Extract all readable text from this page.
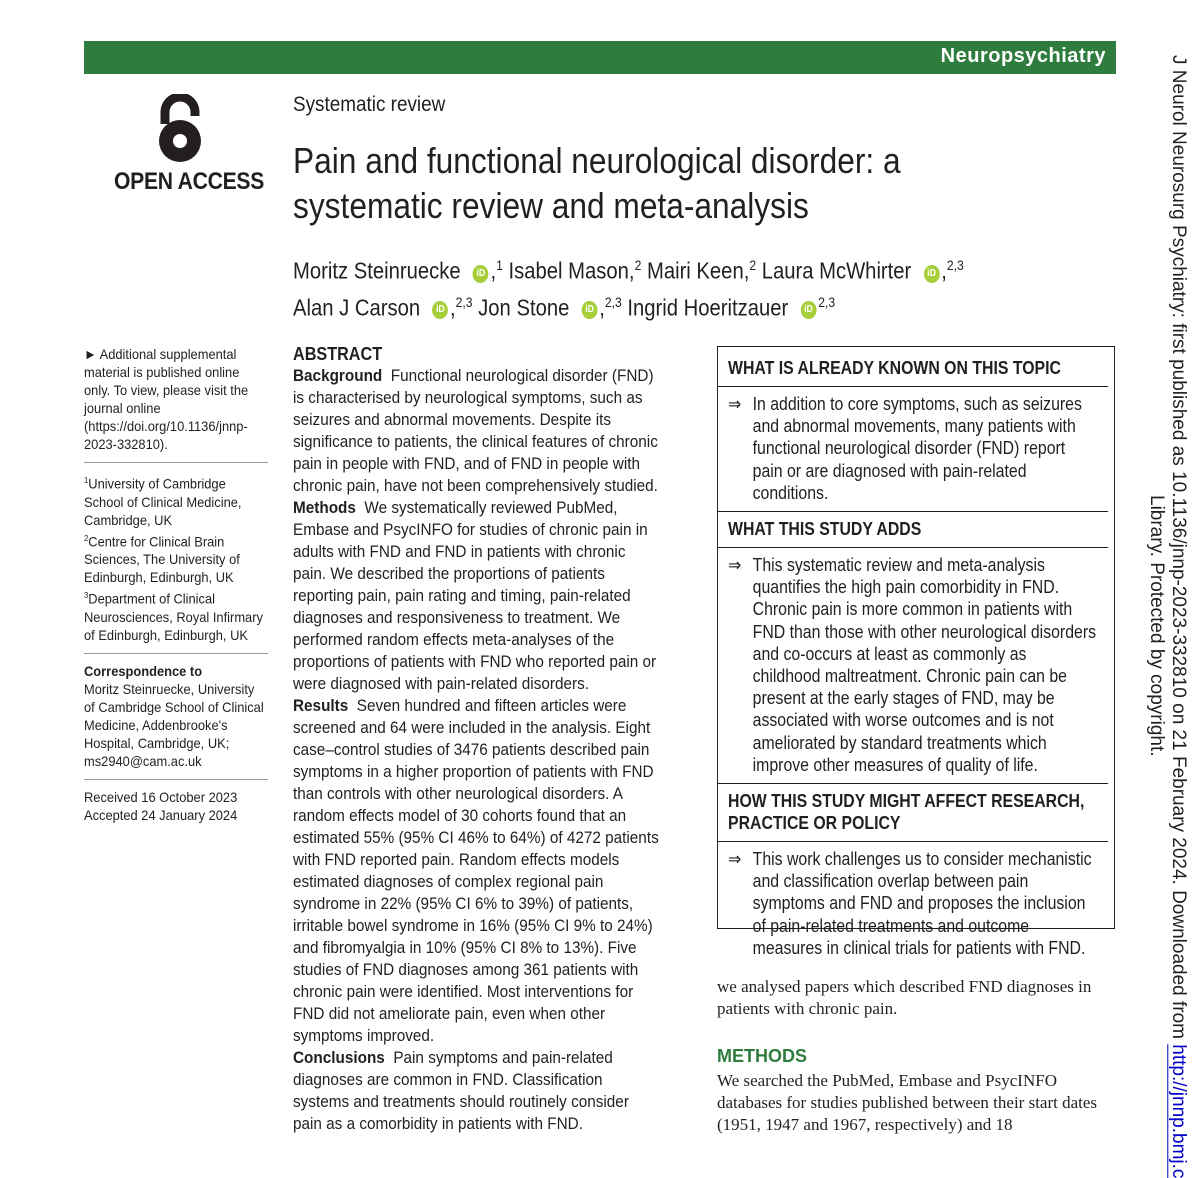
Neuropsychiatry
OPEN ACCESS
Systematic review
Pain and functional neurological disorder: a systematic review and meta-analysis
Moritz Steinruecke iD ,$^1$ Isabel Mason,$^2$ Mairi Keen,$^2$ Laura McWhirter iD ,$^{2,3}$
Alan J Carson iD ,$^{2,3}$ Jon Stone iD ,$^{2,3}$ Ingrid Hoeritzauer iD$^{2,3}$

► Additional supplemental material is published online only. To view, please visit the journal online (https://doi.org/10.1136/jnnp-2023-332810).

$^1$University of Cambridge School of Clinical Medicine, Cambridge, UK

$^2$Centre for Clinical Brain Sciences, The University of Edinburgh, Edinburgh, UK

$^3$Department of Clinical Neurosciences, Royal Infirmary of Edinburgh, Edinburgh, UK

Correspondence to

Moritz Steinruecke, University of Cambridge School of Clinical Medicine, Addenbrooke's Hospital, Cambridge, UK; ms2940@cam.ac.uk

Received 16 October 2023

Accepted 24 January 2024

ABSTRACT

Background Functional neurological disorder (FND) is characterised by neurological symptoms, such as seizures and abnormal movements. Despite its significance to patients, the clinical features of chronic pain in people with FND, and of FND in people with chronic pain, have not been comprehensively studied.

Methods We systematically reviewed PubMed, Embase and PsycINFO for studies of chronic pain in adults with FND and FND in patients with chronic pain. We described the proportions of patients reporting pain, pain rating and timing, pain-related diagnoses and responsiveness to treatment. We performed random effects meta-analyses of the proportions of patients with FND who reported pain or were diagnosed with pain-related disorders.

Results Seven hundred and fifteen articles were screened and 64 were included in the analysis. Eight case–control studies of 3476 patients described pain symptoms in a higher proportion of patients with FND than controls with other neurological disorders. A random effects model of 30 cohorts found that an estimated 55% (95% CI 46% to 64%) of 4272 patients with FND reported pain. Random effects models estimated diagnoses of complex regional pain syndrome in 22% (95% CI 6% to 39%) of patients, irritable bowel syndrome in 16% (95% CI 9% to 24%) and fibromyalgia in 10% (95% CI 8% to 13%). Five studies of FND diagnoses among 361 patients with chronic pain were identified. Most interventions for FND did not ameliorate pain, even when other symptoms improved.

Conclusions Pain symptoms and pain-related diagnoses are common in FND. Classification systems and treatments should routinely consider pain as a comorbidity in patients with FND.

WHAT IS ALREADY KNOWN ON THIS TOPIC
⇒ In addition to core symptoms, such as seizures and abnormal movements, many patients with functional neurological disorder (FND) report pain or are diagnosed with pain-related conditions.
WHAT THIS STUDY ADDS
⇒ This systematic review and meta-analysis quantifies the high pain comorbidity in FND. Chronic pain is more common in patients with FND than those with other neurological disorders and co-occurs at least as commonly as childhood maltreatment. Chronic pain can be present at the early stages of FND, may be associated with worse outcomes and is not ameliorated by standard treatments which improve other measures of quality of life.
HOW THIS STUDY MIGHT AFFECT RESEARCH, PRACTICE OR POLICY
⇒ This work challenges us to consider mechanistic and classification overlap between pain symptoms and FND and proposes the inclusion of pain-related treatments and outcome measures in clinical trials for patients with FND.

we analysed papers which described FND diagnoses in patients with chronic pain.

METHODS

We searched the PubMed, Embase and PsycINFO databases for studies published between their start dates (1951, 1947 and 1967, respectively) and 18

J Neurol Neurosurg Psychiatry: first published as 10.1136/jnnp-2023-332810 on 21 February 2024. Downloaded from http://jnnp.bmj.c
Library. Protected by copyright.
